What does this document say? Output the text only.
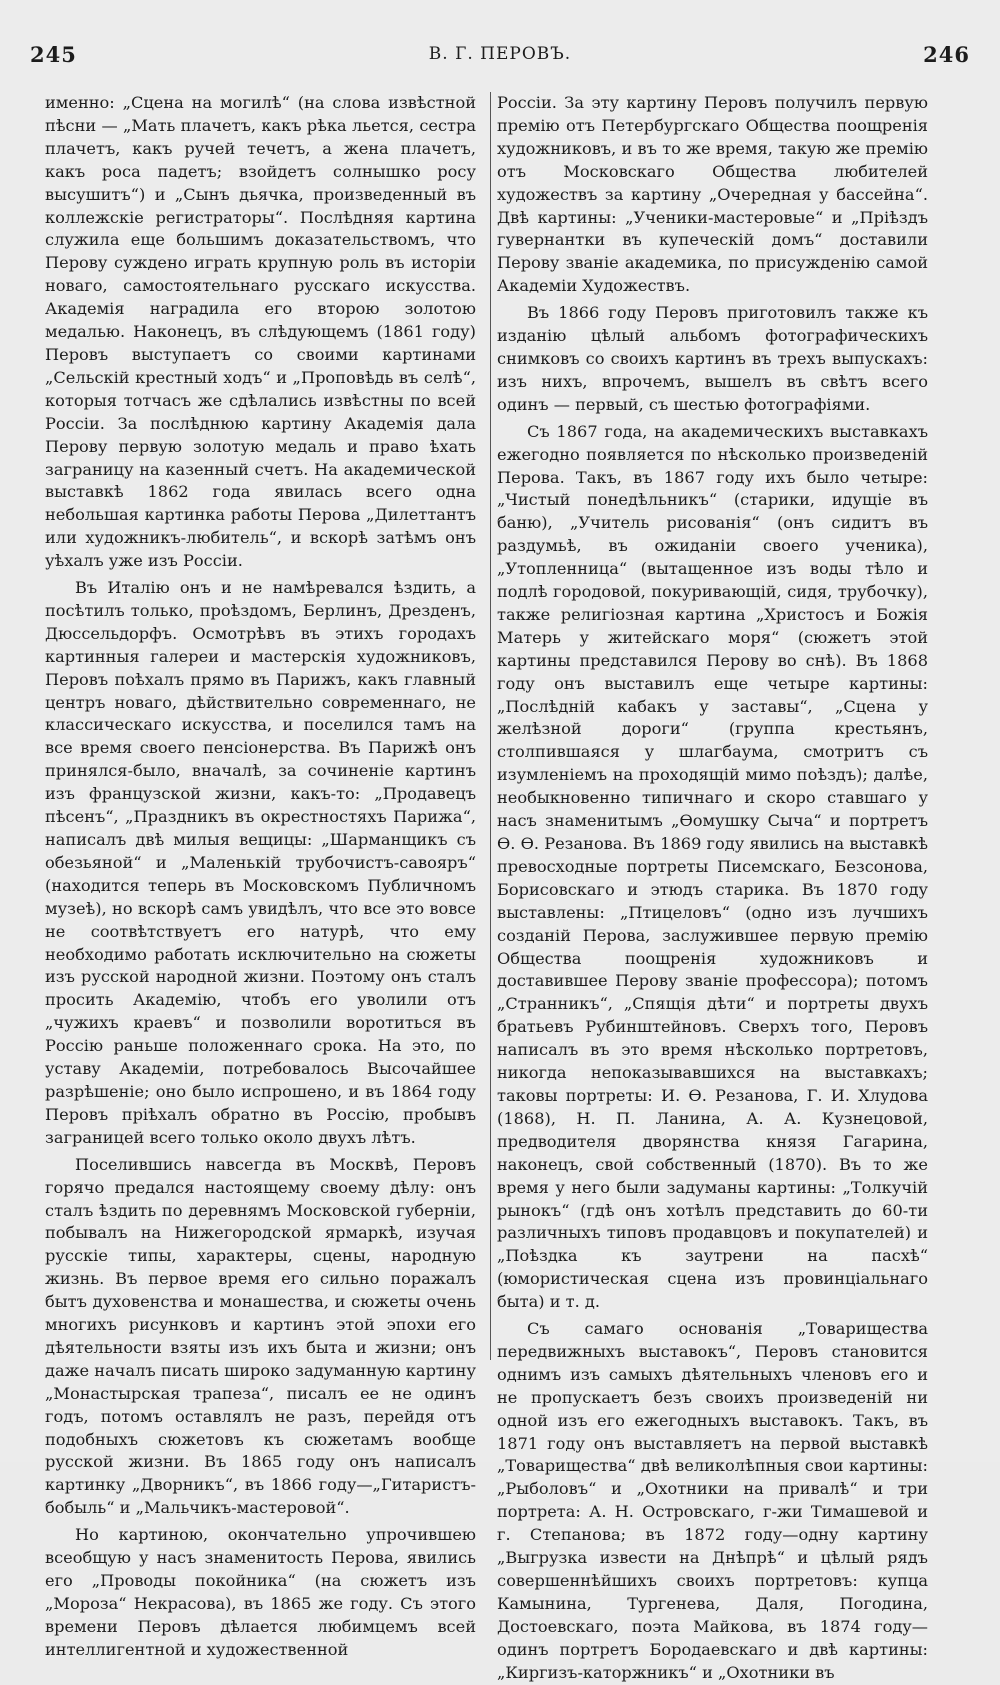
245	В. Г. ПЕРОВЪ.	246

именно: „Сцена на могилѣ“ (на слова извѣстной пѣсни — „Мать плачетъ, какъ рѣка льется, сестра плачетъ, какъ ручей течетъ, а жена плачетъ, какъ роса падетъ; взойдетъ солнышко росу высушитъ“) и „Сынъ дьячка, произведенный въ коллежскіе регистраторы“. Послѣдняя картина служила еще большимъ доказательствомъ, что Перову суждено играть крупную роль въ исторіи новаго, самостоятельнаго русскаго искусства. Академія наградила его второю золотою медалью. Наконецъ, въ слѣдующемъ (1861 году) Перовъ выступаетъ со своими картинами „Сельскій крестный ходъ“ и „Проповѣдь въ селѣ“, которыя тотчасъ же сдѣлались извѣстны по всей Россіи. За послѣднюю картину Академія дала Перову первую золотую медаль и право ѣхать заграницу на казенный счетъ. На академической выставкѣ 1862 года явилась всего одна небольшая картинка работы Перова „Дилеттантъ или художникъ-любитель“, и вскорѣ затѣмъ онъ уѣхалъ уже изъ Россіи.

Въ Италію онъ и не намѣревался ѣздить, а посѣтилъ только, проѣздомъ, Берлинъ, Дрезденъ, Дюссельдорфъ. Осмотрѣвъ въ этихъ городахъ картинныя галереи и мастерскія художниковъ, Перовъ поѣхалъ прямо въ Парижъ, какъ главный центръ новаго, дѣйствительно современнаго, не классическаго искусства, и поселился тамъ на все время своего пенсіонерства. Въ Парижѣ онъ принялся-было, вначалѣ, за сочиненіе картинъ изъ французской жизни, какъ-то: „Продавецъ пѣсенъ“, „Праздникъ въ окрестностяхъ Парижа“, написалъ двѣ милыя вещицы: „Шарманщикъ съ обезьяной“ и „Маленькій трубочистъ-савояръ“ (находится теперь въ Московскомъ Публичномъ музеѣ), но вскорѣ самъ увидѣлъ, что все это вовсе не соотвѣтствуетъ его натурѣ, что ему необходимо работать исключительно на сюжеты изъ русской народной жизни. Поэтому онъ сталъ просить Академію, чтобъ его уволили отъ „чужихъ краевъ“ и позволили воротиться въ Россію раньше положеннаго срока. На это, по уставу Академіи, потребовалось Высочайшее разрѣшеніе; оно было испрошено, и въ 1864 году Перовъ пріѣхалъ обратно въ Россію, пробывъ заграницей всего только около двухъ лѣтъ.

Поселившись навсегда въ Москвѣ, Перовъ горячо предался настоящему своему дѣлу: онъ сталъ ѣздить по деревнямъ Московской губерніи, побывалъ на Нижегородской ярмаркѣ, изучая русскіе типы, характеры, сцены, народную жизнь. Въ первое время его сильно поражалъ бытъ духовенства и монашества, и сюжеты очень многихъ рисунковъ и картинъ этой эпохи его дѣятельности взяты изъ ихъ быта и жизни; онъ даже началъ писать широко задуманную картину „Монастырская трапеза“, писалъ ее не одинъ годъ, потомъ оставлялъ не разъ, перейдя отъ подобныхъ сюжетовъ къ сюжетамъ вообще русской жизни. Въ 1865 году онъ написалъ картинку „Дворникъ“, въ 1866 году—„Гитаристъ-бобыль“ и „Мальчикъ-мастеровой“.

Но картиною, окончательно упрочившею всеобщую у насъ знаменитость Перова, явились его „Проводы покойника“ (на сюжетъ изъ „Мороза“ Некрасова), въ 1865 же году. Съ этого времени Перовъ дѣлается любимцемъ всей интеллигентной и художественной

Россіи. За эту картину Перовъ получилъ первую премію отъ Петербургскаго Общества поощренія художниковъ, и въ то же время, такую же премію отъ Московскаго Общества любителей художествъ за картину „Очередная у бассейна“. Двѣ картины: „Ученики-мастеровые“ и „Пріѣздъ гувернантки въ купеческій домъ“ доставили Перову званіе академика, по присужденію самой Академіи Художествъ.

Въ 1866 году Перовъ приготовилъ также къ изданію цѣлый альбомъ фотографическихъ снимковъ со своихъ картинъ въ трехъ выпускахъ: изъ нихъ, впрочемъ, вышелъ въ свѣтъ всего одинъ — первый, съ шестью фотографіями.

Съ 1867 года, на академическихъ выставкахъ ежегодно появляется по нѣсколько произведеній Перова. Такъ, въ 1867 году ихъ было четыре: „Чистый понедѣльникъ“ (старики, идущіе въ баню), „Учитель рисованія“ (онъ сидитъ въ раздумьѣ, въ ожиданіи своего ученика), „Утопленница“ (вытащенное изъ воды тѣло и подлѣ городовой, покуривающій, сидя, трубочку), также религіозная картина „Христосъ и Божія Матерь у житейскаго моря“ (сюжетъ этой картины представился Перову во снѣ). Въ 1868 году онъ выставилъ еще четыре картины: „Послѣдній кабакъ у заставы“, „Сцена у желѣзной дороги“ (группа крестьянъ, столпившаяся у шлагбаума, смотритъ съ изумленіемъ на проходящій мимо поѣздъ); далѣе, необыкновенно типичнаго и скоро ставшаго у насъ знаменитымъ „Ѳомушку Сыча“ и портретъ Ѳ. Ѳ. Резанова. Въ 1869 году явились на выставкѣ превосходные портреты Писемскаго, Безсонова, Борисовскаго и этюдъ старика. Въ 1870 году выставлены: „Птицеловъ“ (одно изъ лучшихъ созданій Перова, заслужившее первую премію Общества поощренія художниковъ и доставившее Перову званіе профессора); потомъ „Странникъ“, „Спящія дѣти“ и портреты двухъ братьевъ Рубинштейновъ. Сверхъ того, Перовъ написалъ въ это время нѣсколько портретовъ, никогда непоказывавшихся на выставкахъ; таковы портреты: И. Ѳ. Резанова, Г. И. Хлудова (1868), Н. П. Ланина, А. А. Кузнецовой, предводителя дворянства князя Гагарина, наконецъ, свой собственный (1870). Въ то же время у него были задуманы картины: „Толкучій рынокъ“ (гдѣ онъ хотѣлъ представить до 60-ти различныхъ типовъ продавцовъ и покупателей) и „Поѣздка къ заутрени на пасхѣ“ (юмористическая сцена изъ провинціальнаго быта) и т. д.

Съ самаго основанія „Товарищества передвижныхъ выставокъ“, Перовъ становится однимъ изъ самыхъ дѣятельныхъ членовъ его и не пропускаетъ безъ своихъ произведеній ни одной изъ его ежегодныхъ выставокъ. Такъ, въ 1871 году онъ выставляетъ на первой выставкѣ „Товарищества“ двѣ великолѣпныя свои картины: „Рыболовъ“ и „Охотники на привалѣ“ и три портрета: А. Н. Островскаго, г-жи Тимашевой и г. Степанова; въ 1872 году—одну картину „Выгрузка извести на Днѣпрѣ“ и цѣлый рядъ совершеннѣйшихъ своихъ портретовъ: купца Камынина, Тургенева, Даля, Погодина, Достоевскаго, поэта Майкова, въ 1874 году—одинъ портретъ Бородаевскаго и двѣ картины: „Киргизъ-каторжникъ“ и „Охотники въ
